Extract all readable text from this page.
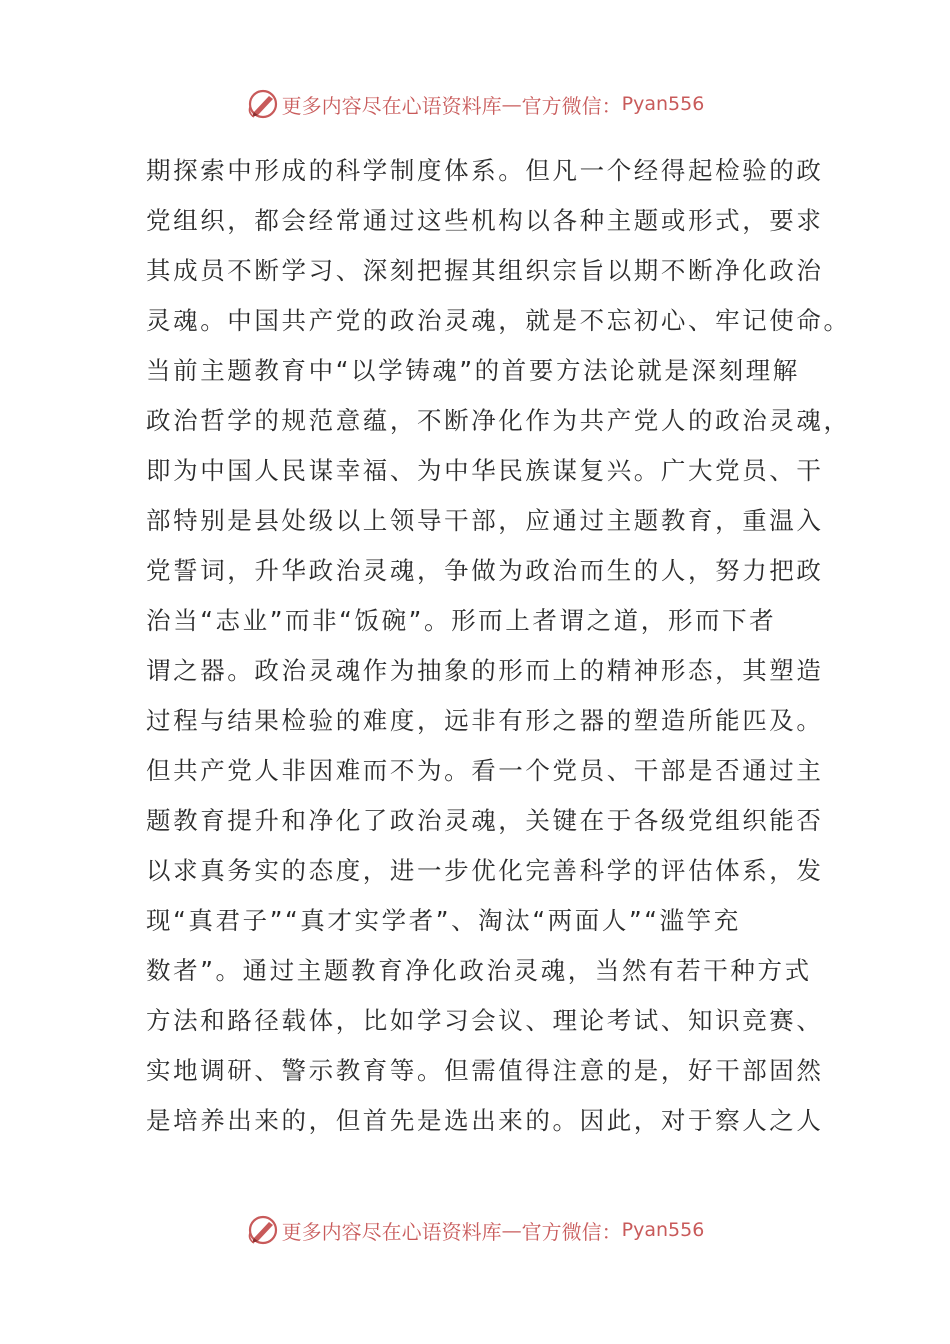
更多内容尽在心语资料库 — 官方微信： Pyan556
期探索中形成的科学制度体系。但凡一个经得起检验的政
党组织，都会经常通过这些机构以各种主题或形式，要求
其成员不断学习、深刻把握其组织宗旨以期不断净化政治
灵魂。中国共产党的政治灵魂，就是不忘初心、牢记使命。
当前主题教育中“以学铸魂”的首要方法论就是深刻理解
政治哲学的规范意蕴，不断净化作为共产党人的政治灵魂，
即为中国人民谋幸福、为中华民族谋复兴。广大党员、干
部特别是县处级以上领导干部，应通过主题教育，重温入
党誓词，升华政治灵魂，争做为政治而生的人，努力把政
治当“志业”而非“饭碗”。形而上者谓之道，形而下者
谓之器。政治灵魂作为抽象的形而上的精神形态，其塑造
过程与结果检验的难度，远非有形之器的塑造所能匹及。
但共产党人非因难而不为。看一个党员、干部是否通过主
题教育提升和净化了政治灵魂，关键在于各级党组织能否
以求真务实的态度，进一步优化完善科学的评估体系，发
现“真君子”“真才实学者”、淘汰“两面人”“滥竽充
数者”。通过主题教育净化政治灵魂，当然有若干种方式
方法和路径载体，比如学习会议、理论考试、知识竞赛、
实地调研、警示教育等。但需值得注意的是，好干部固然
是培养出来的，但首先是选出来的。因此，对于察人之人
更多内容尽在心语资料库 — 官方微信： Pyan556
